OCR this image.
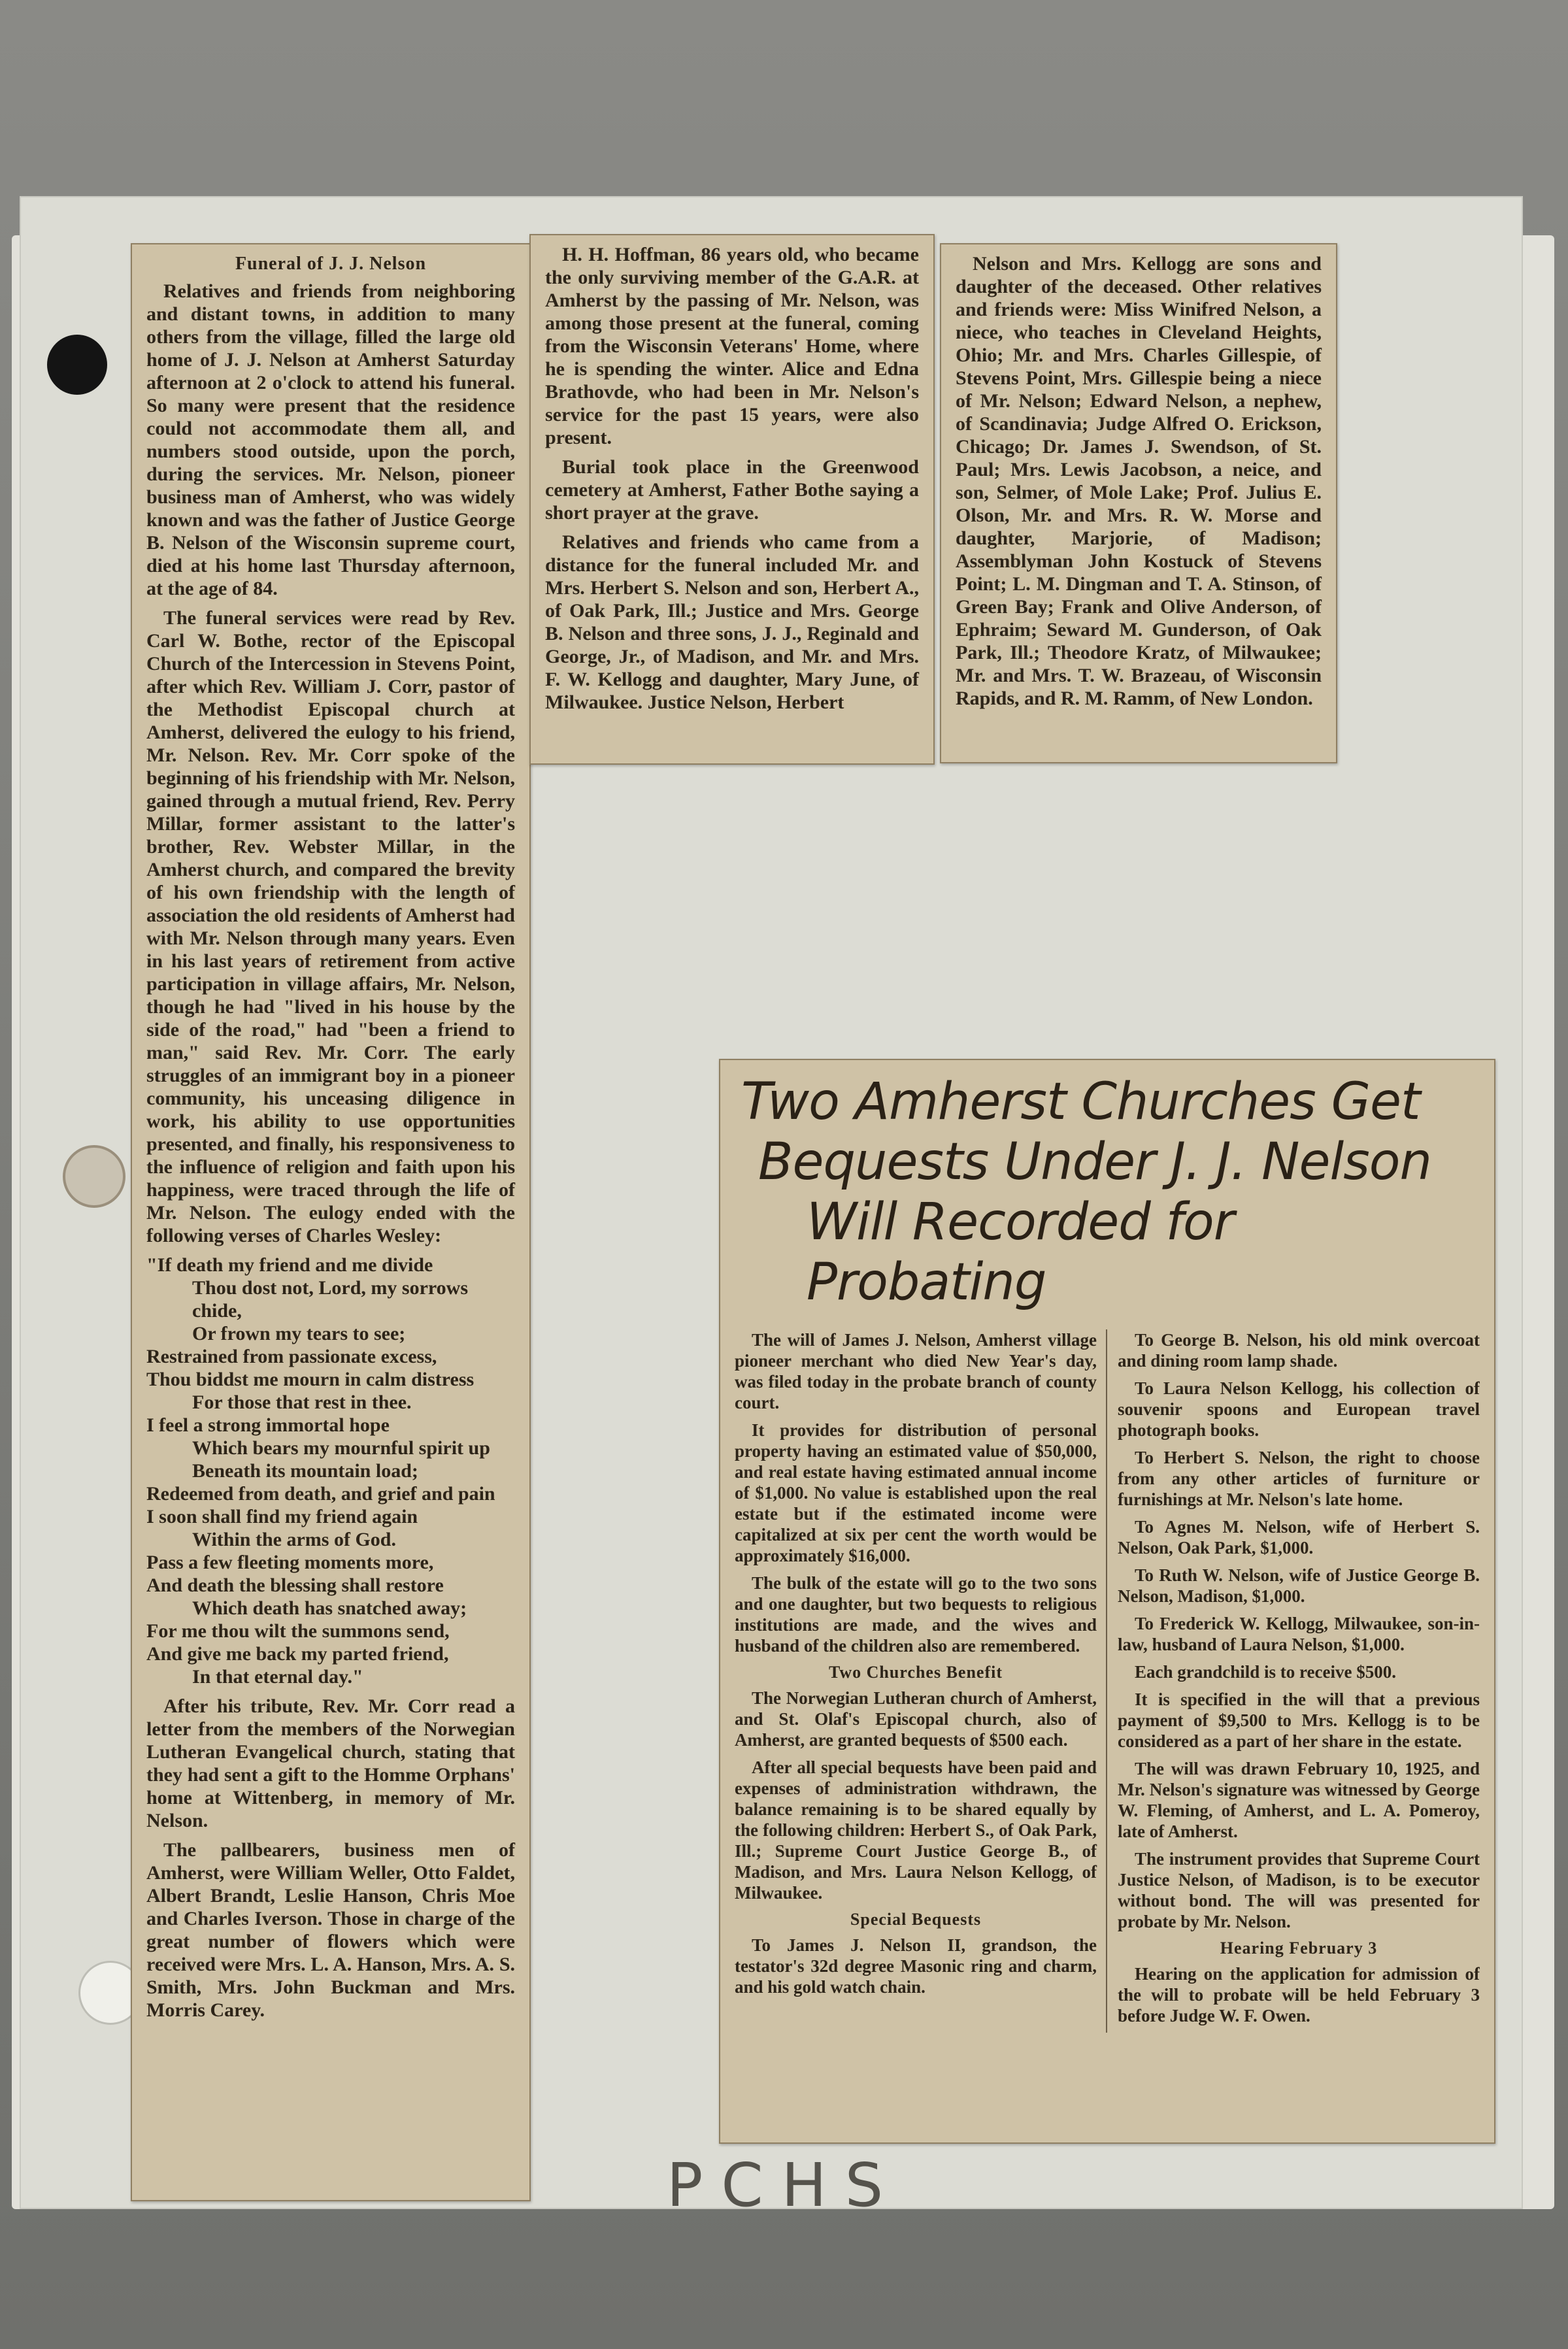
Funeral of J. J. Nelson

Relatives and friends from neighboring and distant towns, in addition to many others from the village, filled the large old home of J. J. Nelson at Amherst Saturday afternoon at 2 o'clock to attend his funeral. So many were present that the residence could not accommodate them all, and numbers stood outside, upon the porch, during the services. Mr. Nelson, pioneer business man of Amherst, who was widely known and was the father of Justice George B. Nelson of the Wisconsin supreme court, died at his home last Thursday afternoon, at the age of 84.

The funeral services were read by Rev. Carl W. Bothe, rector of the Episcopal Church of the Intercession in Stevens Point, after which Rev. William J. Corr, pastor of the Methodist Episcopal church at Amherst, delivered the eulogy to his friend, Mr. Nelson. Rev. Mr. Corr spoke of the beginning of his friendship with Mr. Nelson, gained through a mutual friend, Rev. Perry Millar, former assistant to the latter's brother, Rev. Webster Millar, in the Amherst church, and compared the brevity of his own friendship with the length of association the old residents of Amherst had with Mr. Nelson through many years. Even in his last years of retirement from active participation in village affairs, Mr. Nelson, though he had "lived in his house by the side of the road," had "been a friend to man," said Rev. Mr. Corr. The early struggles of an immigrant boy in a pioneer community, his unceasing diligence in work, his ability to use opportunities presented, and finally, his responsiveness to the influence of religion and faith upon his happiness, were traced through the life of Mr. Nelson. The eulogy ended with the following verses of Charles Wesley:

"If death my friend and me divide
Thou dost not, Lord, my sorrows chide,
Or frown my tears to see;
Restrained from passionate excess,
Thou biddst me mourn in calm distress
For those that rest in thee.
I feel a strong immortal hope
Which bears my mournful spirit up
Beneath its mountain load;
Redeemed from death, and grief and pain
I soon shall find my friend again
Within the arms of God.
Pass a few fleeting moments more,
And death the blessing shall restore
Which death has snatched away;
For me thou wilt the summons send,
And give me back my parted friend,
In that eternal day."

After his tribute, Rev. Mr. Corr read a letter from the members of the Norwegian Lutheran Evangelical church, stating that they had sent a gift to the Homme Orphans' home at Wittenberg, in memory of Mr. Nelson.

The pallbearers, business men of Amherst, were William Weller, Otto Faldet, Albert Brandt, Leslie Hanson, Chris Moe and Charles Iverson. Those in charge of the great number of flowers which were received were Mrs. L. A. Hanson, Mrs. A. S. Smith, Mrs. John Buckman and Mrs. Morris Carey.

H. H. Hoffman, 86 years old, who became the only surviving member of the G.A.R. at Amherst by the passing of Mr. Nelson, was among those present at the funeral, coming from the Wisconsin Veterans' Home, where he is spending the winter. Alice and Edna Brathovde, who had been in Mr. Nelson's service for the past 15 years, were also present.

Burial took place in the Greenwood cemetery at Amherst, Father Bothe saying a short prayer at the grave.

Relatives and friends who came from a distance for the funeral included Mr. and Mrs. Herbert S. Nelson and son, Herbert A., of Oak Park, Ill.; Justice and Mrs. George B. Nelson and three sons, J. J., Reginald and George, Jr., of Madison, and Mr. and Mrs. F. W. Kellogg and daughter, Mary June, of Milwaukee. Justice Nelson, Herbert

Nelson and Mrs. Kellogg are sons and daughter of the deceased. Other relatives and friends were: Miss Winifred Nelson, a niece, who teaches in Cleveland Heights, Ohio; Mr. and Mrs. Charles Gillespie, of Stevens Point, Mrs. Gillespie being a niece of Mr. Nelson; Edward Nelson, a nephew, of Scandinavia; Judge Alfred O. Erickson, Chicago; Dr. James J. Swendson, of St. Paul; Mrs. Lewis Jacobson, a neice, and son, Selmer, of Mole Lake; Prof. Julius E. Olson, Mr. and Mrs. R. W. Morse and daughter, Marjorie, of Madison; Assemblyman John Kostuck of Stevens Point; L. M. Dingman and T. A. Stinson, of Green Bay; Frank and Olive Anderson, of Ephraim; Seward M. Gunderson, of Oak Park, Ill.; Theodore Kratz, of Milwaukee; Mr. and Mrs. T. W. Brazeau, of Wisconsin Rapids, and R. M. Ramm, of New London.

Two Amherst Churches Get
Bequests Under J. J. Nelson
Will Recorded for Probating

The will of James J. Nelson, Amherst village pioneer merchant who died New Year's day, was filed today in the probate branch of county court.

It provides for distribution of personal property having an estimated value of $50,000, and real estate having estimated annual income of $1,000. No value is established upon the real estate but if the estimated income were capitalized at six per cent the worth would be approximately $16,000.

The bulk of the estate will go to the two sons and one daughter, but two bequests to religious institutions are made, and the wives and husband of the children also are remembered.

Two Churches Benefit

The Norwegian Lutheran church of Amherst, and St. Olaf's Episcopal church, also of Amherst, are granted bequests of $500 each.

After all special bequests have been paid and expenses of administration withdrawn, the balance remaining is to be shared equally by the following children: Herbert S., of Oak Park, Ill.; Supreme Court Justice George B., of Madison, and Mrs. Laura Nelson Kellogg, of Milwaukee.

Special Bequests

To James J. Nelson II, grandson, the testator's 32d degree Masonic ring and charm, and his gold watch chain.

To George B. Nelson, his old mink overcoat and dining room lamp shade.

To Laura Nelson Kellogg, his collection of souvenir spoons and European travel photograph books.

To Herbert S. Nelson, the right to choose from any other articles of furniture or furnishings at Mr. Nelson's late home.

To Agnes M. Nelson, wife of Herbert S. Nelson, Oak Park, $1,000.

To Ruth W. Nelson, wife of Justice George B. Nelson, Madison, $1,000.

To Frederick W. Kellogg, Milwaukee, son-in-law, husband of Laura Nelson, $1,000.

Each grandchild is to receive $500.

It is specified in the will that a previous payment of $9,500 to Mrs. Kellogg is to be considered as a part of her share in the estate.

The will was drawn February 10, 1925, and Mr. Nelson's signature was witnessed by George W. Fleming, of Amherst, and L. A. Pomeroy, late of Amherst.

The instrument provides that Supreme Court Justice Nelson, of Madison, is to be executor without bond. The will was presented for probate by Mr. Nelson.

Hearing February 3

Hearing on the application for admission of the will to probate will be held February 3 before Judge W. F. Owen.

PCHS
